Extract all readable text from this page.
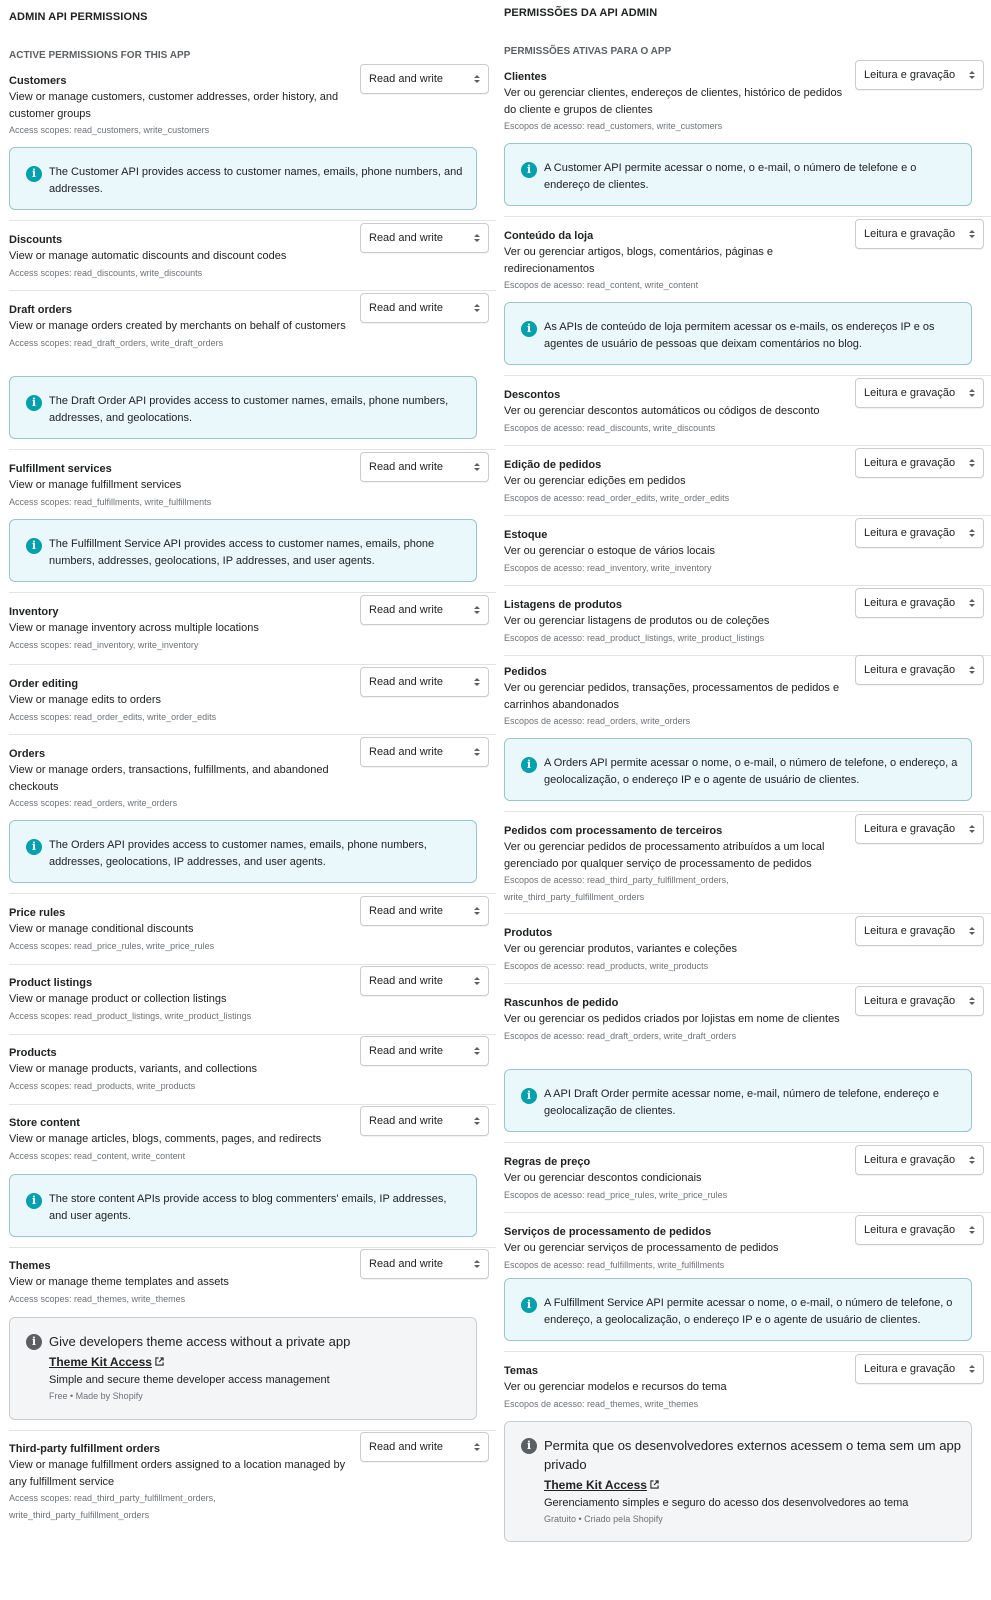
ADMIN API PERMISSIONS
ACTIVE PERMISSIONS FOR THIS APP
Customers
View or manage customers, customer addresses, order history, and customer groups
Access scopes: read_customers, write_customers
Read and write
i	The Customer API provides access to customer names, emails, phone numbers, and addresses.
Discounts
View or manage automatic discounts and discount codes
Access scopes: read_discounts, write_discounts
Read and write
Draft orders
View or manage orders created by merchants on behalf of customers
Access scopes: read_draft_orders, write_draft_orders
Read and write
i	The Draft Order API provides access to customer names, emails, phone numbers, addresses, and geolocations.
Fulfillment services
View or manage fulfillment services
Access scopes: read_fulfillments, write_fulfillments
Read and write
i	The Fulfillment Service API provides access to customer names, emails, phone numbers, addresses, geolocations, IP addresses, and user agents.
Inventory
View or manage inventory across multiple locations
Access scopes: read_inventory, write_inventory
Read and write
Order editing
View or manage edits to orders
Access scopes: read_order_edits, write_order_edits
Read and write
Orders
View or manage orders, transactions, fulfillments, and abandoned checkouts
Access scopes: read_orders, write_orders
Read and write
i	The Orders API provides access to customer names, emails, phone numbers, addresses, geolocations, IP addresses, and user agents.
Price rules
View or manage conditional discounts
Access scopes: read_price_rules, write_price_rules
Read and write
Product listings
View or manage product or collection listings
Access scopes: read_product_listings, write_product_listings
Read and write
Products
View or manage products, variants, and collections
Access scopes: read_products, write_products
Read and write
Store content
View or manage articles, blogs, comments, pages, and redirects
Access scopes: read_content, write_content
Read and write
i	The store content APIs provide access to blog commenters' emails, IP addresses, and user agents.
Themes
View or manage theme templates and assets
Access scopes: read_themes, write_themes
Read and write
i Give developers theme access without a private app
Theme Kit Access
Simple and secure theme developer access management
Free • Made by Shopify
Third-party fulfillment orders
View or manage fulfillment orders assigned to a location managed by any fulfillment service
Access scopes: read_third_party_fulfillment_orders, write_third_party_fulfillment_orders
Read and write
PERMISSÕES DA API ADMIN
PERMISSÕES ATIVAS PARA O APP
Clientes
Ver ou gerenciar clientes, endereços de clientes, histórico de pedidos do cliente e grupos de clientes
Escopos de acesso: read_customers, write_customers
Leitura e gravação
i	A Customer API permite acessar o nome, o e-mail, o número de telefone e o endereço de clientes.
Conteúdo da loja
Ver ou gerenciar artigos, blogs, comentários, páginas e redirecionamentos
Escopos de acesso: read_content, write_content
Leitura e gravação
i	As APIs de conteúdo de loja permitem acessar os e-mails, os endereços IP e os agentes de usuário de pessoas que deixam comentários no blog.
Descontos
Ver ou gerenciar descontos automáticos ou códigos de desconto
Escopos de acesso: read_discounts, write_discounts
Leitura e gravação
Edição de pedidos
Ver ou gerenciar edições em pedidos
Escopos de acesso: read_order_edits, write_order_edits
Leitura e gravação
Estoque
Ver ou gerenciar o estoque de vários locais
Escopos de acesso: read_inventory, write_inventory
Leitura e gravação
Listagens de produtos
Ver ou gerenciar listagens de produtos ou de coleções
Escopos de acesso: read_product_listings, write_product_listings
Leitura e gravação
Pedidos
Ver ou gerenciar pedidos, transações, processamentos de pedidos e carrinhos abandonados
Escopos de acesso: read_orders, write_orders
Leitura e gravação
i	A Orders API permite acessar o nome, o e-mail, o número de telefone, o endereço, a geolocalização, o endereço IP e o agente de usuário de clientes.
Pedidos com processamento de terceiros
Ver ou gerenciar pedidos de processamento atribuídos a um local gerenciado por qualquer serviço de processamento de pedidos
Escopos de acesso: read_third_party_fulfillment_orders, write_third_party_fulfillment_orders
Leitura e gravação
Produtos
Ver ou gerenciar produtos, variantes e coleções
Escopos de acesso: read_products, write_products
Leitura e gravação
Rascunhos de pedido
Ver ou gerenciar os pedidos criados por lojistas em nome de clientes
Escopos de acesso: read_draft_orders, write_draft_orders
Leitura e gravação
i	A API Draft Order permite acessar nome, e-mail, número de telefone, endereço e geolocalização de clientes.
Regras de preço
Ver ou gerenciar descontos condicionais
Escopos de acesso: read_price_rules, write_price_rules
Leitura e gravação
Serviços de processamento de pedidos
Ver ou gerenciar serviços de processamento de pedidos
Escopos de acesso: read_fulfillments, write_fulfillments
Leitura e gravação
i	A Fulfillment Service API permite acessar o nome, o e-mail, o número de telefone, o endereço, a geolocalização, o endereço IP e o agente de usuário de clientes.
Temas
Ver ou gerenciar modelos e recursos do tema
Escopos de acesso: read_themes, write_themes
Leitura e gravação
i Permita que os desenvolvedores externos acessem o tema sem um app privado
Theme Kit Access
Gerenciamento simples e seguro do acesso dos desenvolvedores ao tema
Gratuito • Criado pela Shopify
